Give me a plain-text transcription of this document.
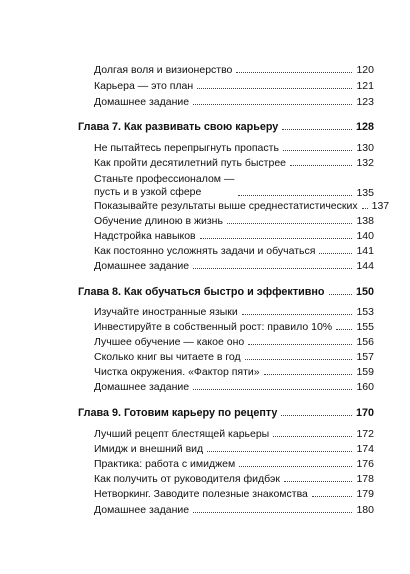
Долгая воля и визионерство	120
Карьера — это план	121
Домашнее задание	123
Глава 7. Как развивать свою карьеру	128
Не пытайтесь перепрыгнуть пропасть	130
Как пройти десятилетний путь быстрее	132
Станьте профессионалом —
пусть и в узкой сфере	135
Показывайте результаты выше среднестатистических 137
Обучение длиною в жизнь	138
Надстройка навыков	140
Как постоянно усложнять задачи и обучаться	141
Домашнее задание	144
Глава 8. Как обучаться быстро и эффективно	150
Изучайте иностранные языки	153
Инвестируйте в собственный рост: правило 10% 155
Лучшее обучение — какое оно	156
Сколько книг вы читаете в год	157
Чистка окружения. «Фактор пяти»	159
Домашнее задание	160
Глава 9. Готовим карьеру по рецепту	170
Лучший рецепт блестящей карьеры	172
Имидж и внешний вид	174
Практика: работа с имиджем	176
Как получить от руководителя фидбэк	178
Нетворкинг. Заводите полезные знакомства	179
Домашнее задание	180
